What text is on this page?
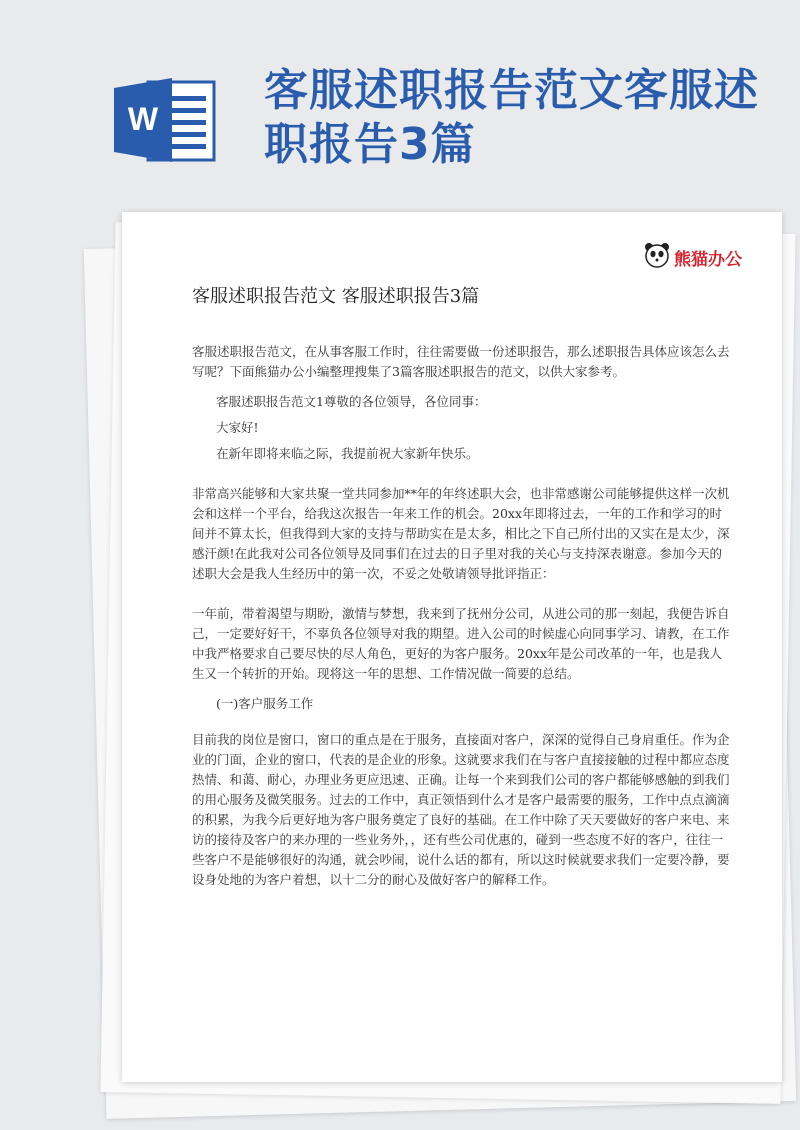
W
客服述职报告范文客服述职报告3篇
熊猫办公
客服述职报告范文 客服述职报告3篇

客服述职报告范文，在从事客服工作时，往往需要做一份述职报告，那么述职报告具体应该怎么去写呢？下面熊猫办公小编整理搜集了3篇客服述职报告的范文，以供大家参考。

客服述职报告范文1尊敬的各位领导，各位同事：

大家好!

在新年即将来临之际，我提前祝大家新年快乐。

非常高兴能够和大家共聚一堂共同参加**年的年终述职大会，也非常感谢公司能够提供这样一次机会和这样一个平台，给我这次报告一年来工作的机会。20xx年即将过去，一年的工作和学习的时间并不算太长，但我得到大家的支持与帮助实在是太多，相比之下自己所付出的又实在是太少，深感汗颜!在此我对公司各位领导及同事们在过去的日子里对我的关心与支持深表谢意。参加今天的述职大会是我人生经历中的第一次，不妥之处敬请领导批评指正：

一年前，带着渴望与期盼，激情与梦想，我来到了抚州分公司，从进公司的那一刻起，我便告诉自己，一定要好好干，不辜负各位领导对我的期望。进入公司的时候虚心向同事学习、请教，在工作中我严格要求自己要尽快的尽人角色，更好的为客户服务。20xx年是公司改革的一年，也是我人生又一个转折的开始。现将这一年的思想、工作情况做一简要的总结。

(一)客户服务工作

目前我的岗位是窗口，窗口的重点是在于服务，直接面对客户，深深的觉得自己身肩重任。作为企业的门面，企业的窗口，代表的是企业的形象。这就要求我们在与客户直接接触的过程中都应态度热情、和蔼、耐心，办理业务更应迅速、正确。让每一个来到我们公司的客户都能够感触的到我们的用心服务及微笑服务。过去的工作中，真正领悟到什么才是客户最需要的服务，工作中点点滴滴的积累，为我今后更好地为客户服务奠定了良好的基础。在工作中除了天天要做好的客户来电、来访的接待及客户的来办理的一些业务外，，还有些公司优惠的，碰到一些态度不好的客户，往往一些客户不是能够很好的沟通，就会吵闹，说什么话的都有，所以这时候就要求我们一定要冷静，要设身处地的为客户着想，以十二分的耐心及做好客户的解释工作。
